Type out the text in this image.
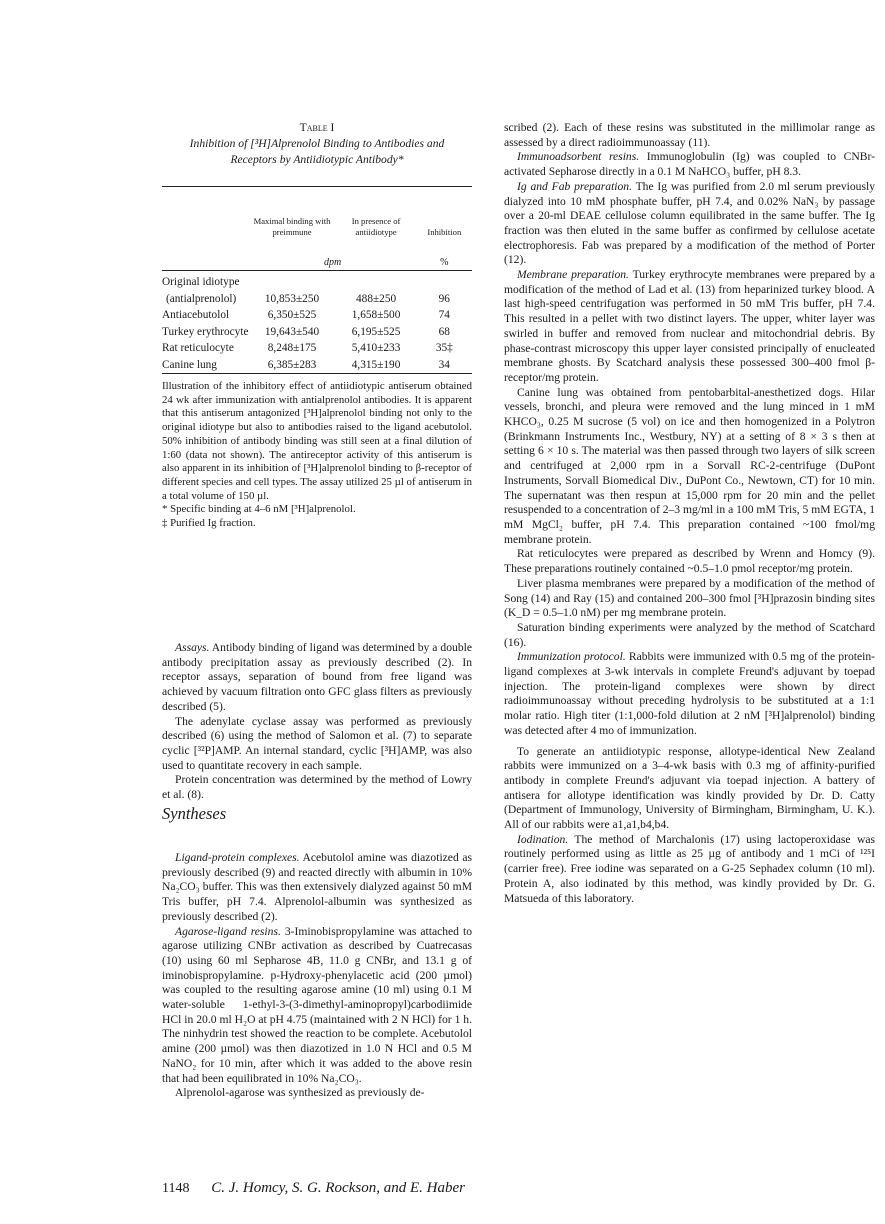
Table I
Inhibition of [³H]Alprenolol Binding to Antibodies and
Receptors by Antiidiotypic Antibody*
	Maximal binding with preimmune	In presence of antiidiotype	Inhibition
	dpm		%
Original idiotype			
(antialprenolol)	10,853±250	488±250	96
Antiacebutolol	6,350±525	1,658±500	74
Turkey erythrocyte	19,643±540	6,195±525	68
Rat reticulocyte	8,248±175	5,410±233	35‡
Canine lung	6,385±283	4,315±190	34

Illustration of the inhibitory effect of antiidiotypic antiserum obtained 24 wk after immunization with antialprenolol antibodies. It is apparent that this antiserum antagonized [³H]alprenolol binding not only to the original idiotype but also to antibodies raised to the ligand acebutolol. 50% inhibition of antibody binding was still seen at a final dilution of 1:60 (data not shown). The antireceptor activity of this antiserum is also apparent in its inhibition of [³H]alprenolol binding to β-receptor of different species and cell types. The assay utilized 25 µl of antiserum in a total volume of 150 µl.

* Specific binding at 4–6 nM [³H]alprenolol.

‡ Purified Ig fraction.

Assays. Antibody binding of ligand was determined by a double antibody precipitation assay as previously described (2). In receptor assays, separation of bound from free ligand was achieved by vacuum filtration onto GFC glass filters as previously described (5).

The adenylate cyclase assay was performed as previously described (6) using the method of Salomon et al. (7) to separate cyclic [³²P]AMP. An internal standard, cyclic [³H]AMP, was also used to quantitate recovery in each sample.

Protein concentration was determined by the method of Lowry et al. (8).

Syntheses

Ligand-protein complexes. Acebutolol amine was diazotized as previously described (9) and reacted directly with albumin in 10% Na₂CO₃ buffer. This was then extensively dialyzed against 50 mM Tris buffer, pH 7.4. Alprenolol-albumin was synthesized as previously described (2).

Agarose-ligand resins. 3-Iminobispropylamine was attached to agarose utilizing CNBr activation as described by Cuatrecasas (10) using 60 ml Sepharose 4B, 11.0 g CNBr, and 13.1 g of iminobispropylamine. p-Hydroxy-phenylacetic acid (200 µmol) was coupled to the resulting agarose amine (10 ml) using 0.1 M water-soluble 1-ethyl-3-(3-dimethyl-aminopropyl)carbodiimide HCl in 20.0 ml H₂O at pH 4.75 (maintained with 2 N HCl) for 1 h. The ninhydrin test showed the reaction to be complete. Acebutolol amine (200 µmol) was then diazotized in 1.0 N HCl and 0.5 M NaNO₂ for 10 min, after which it was added to the above resin that had been equilibrated in 10% Na₂CO₃.

Alprenolol-agarose was synthesized as previously de-

scribed (2). Each of these resins was substituted in the millimolar range as assessed by a direct radioimmunoassay (11).

Immunoadsorbent resins. Immunoglobulin (Ig) was coupled to CNBr-activated Sepharose directly in a 0.1 M NaHCO₃ buffer, pH 8.3.

Ig and Fab preparation. The Ig was purified from 2.0 ml serum previously dialyzed into 10 mM phosphate buffer, pH 7.4, and 0.02% NaN₃ by passage over a 20-ml DEAE cellulose column equilibrated in the same buffer. The Ig fraction was then eluted in the same buffer as confirmed by cellulose acetate electrophoresis. Fab was prepared by a modification of the method of Porter (12).

Membrane preparation. Turkey erythrocyte membranes were prepared by a modification of the method of Lad et al. (13) from heparinized turkey blood. A last high-speed centrifugation was performed in 50 mM Tris buffer, pH 7.4. This resulted in a pellet with two distinct layers. The upper, whiter layer was swirled in buffer and removed from nuclear and mitochondrial debris. By phase-contrast microscopy this upper layer consisted principally of enucleated membrane ghosts. By Scatchard analysis these possessed 300–400 fmol β-receptor/mg protein.

Canine lung was obtained from pentobarbital-anesthetized dogs. Hilar vessels, bronchi, and pleura were removed and the lung minced in 1 mM KHCO₃, 0.25 M sucrose (5 vol) on ice and then homogenized in a Polytron (Brinkmann Instruments Inc., Westbury, NY) at a setting of 8 × 3 s then at setting 6 × 10 s. The material was then passed through two layers of silk screen and centrifuged at 2,000 rpm in a Sorvall RC-2-centrifuge (DuPont Instruments, Sorvall Biomedical Div., DuPont Co., Newtown, CT) for 10 min. The supernatant was then respun at 15,000 rpm for 20 min and the pellet resuspended to a concentration of 2–3 mg/ml in a 100 mM Tris, 5 mM EGTA, 1 mM MgCl₂ buffer, pH 7.4. This preparation contained ~100 fmol/mg membrane protein.

Rat reticulocytes were prepared as described by Wrenn and Homcy (9). These preparations routinely contained ~0.5–1.0 pmol receptor/mg protein.

Liver plasma membranes were prepared by a modification of the method of Song (14) and Ray (15) and contained 200–300 fmol [³H]prazosin binding sites (K_D = 0.5–1.0 nM) per mg membrane protein.

Saturation binding experiments were analyzed by the method of Scatchard (16).

Immunization protocol. Rabbits were immunized with 0.5 mg of the protein-ligand complexes at 3-wk intervals in complete Freund's adjuvant by toepad injection. The protein-ligand complexes were shown by direct radioimmunoassay without preceding hydrolysis to be substituted at a 1:1 molar ratio. High titer (1:1,000-fold dilution at 2 nM [³H]alprenolol) binding was detected after 4 mo of immunization.

To generate an antiidiotypic response, allotype-identical New Zealand rabbits were immunized on a 3–4-wk basis with 0.3 mg of affinity-purified antibody in complete Freund's adjuvant via toepad injection. A battery of antisera for allotype identification was kindly provided by Dr. D. Catty (Department of Immunology, University of Birmingham, Birmingham, U. K.). All of our rabbits were a1,a1,b4,b4.

Iodination. The method of Marchalonis (17) using lactoperoxidase was routinely performed using as little as 25 µg of antibody and 1 mCi of ¹²⁵I (carrier free). Free iodine was separated on a G-25 Sephadex column (10 ml). Protein A, also iodinated by this method, was kindly provided by Dr. G. Matsueda of this laboratory.

1148 C. J. Homcy, S. G. Rockson, and E. Haber
